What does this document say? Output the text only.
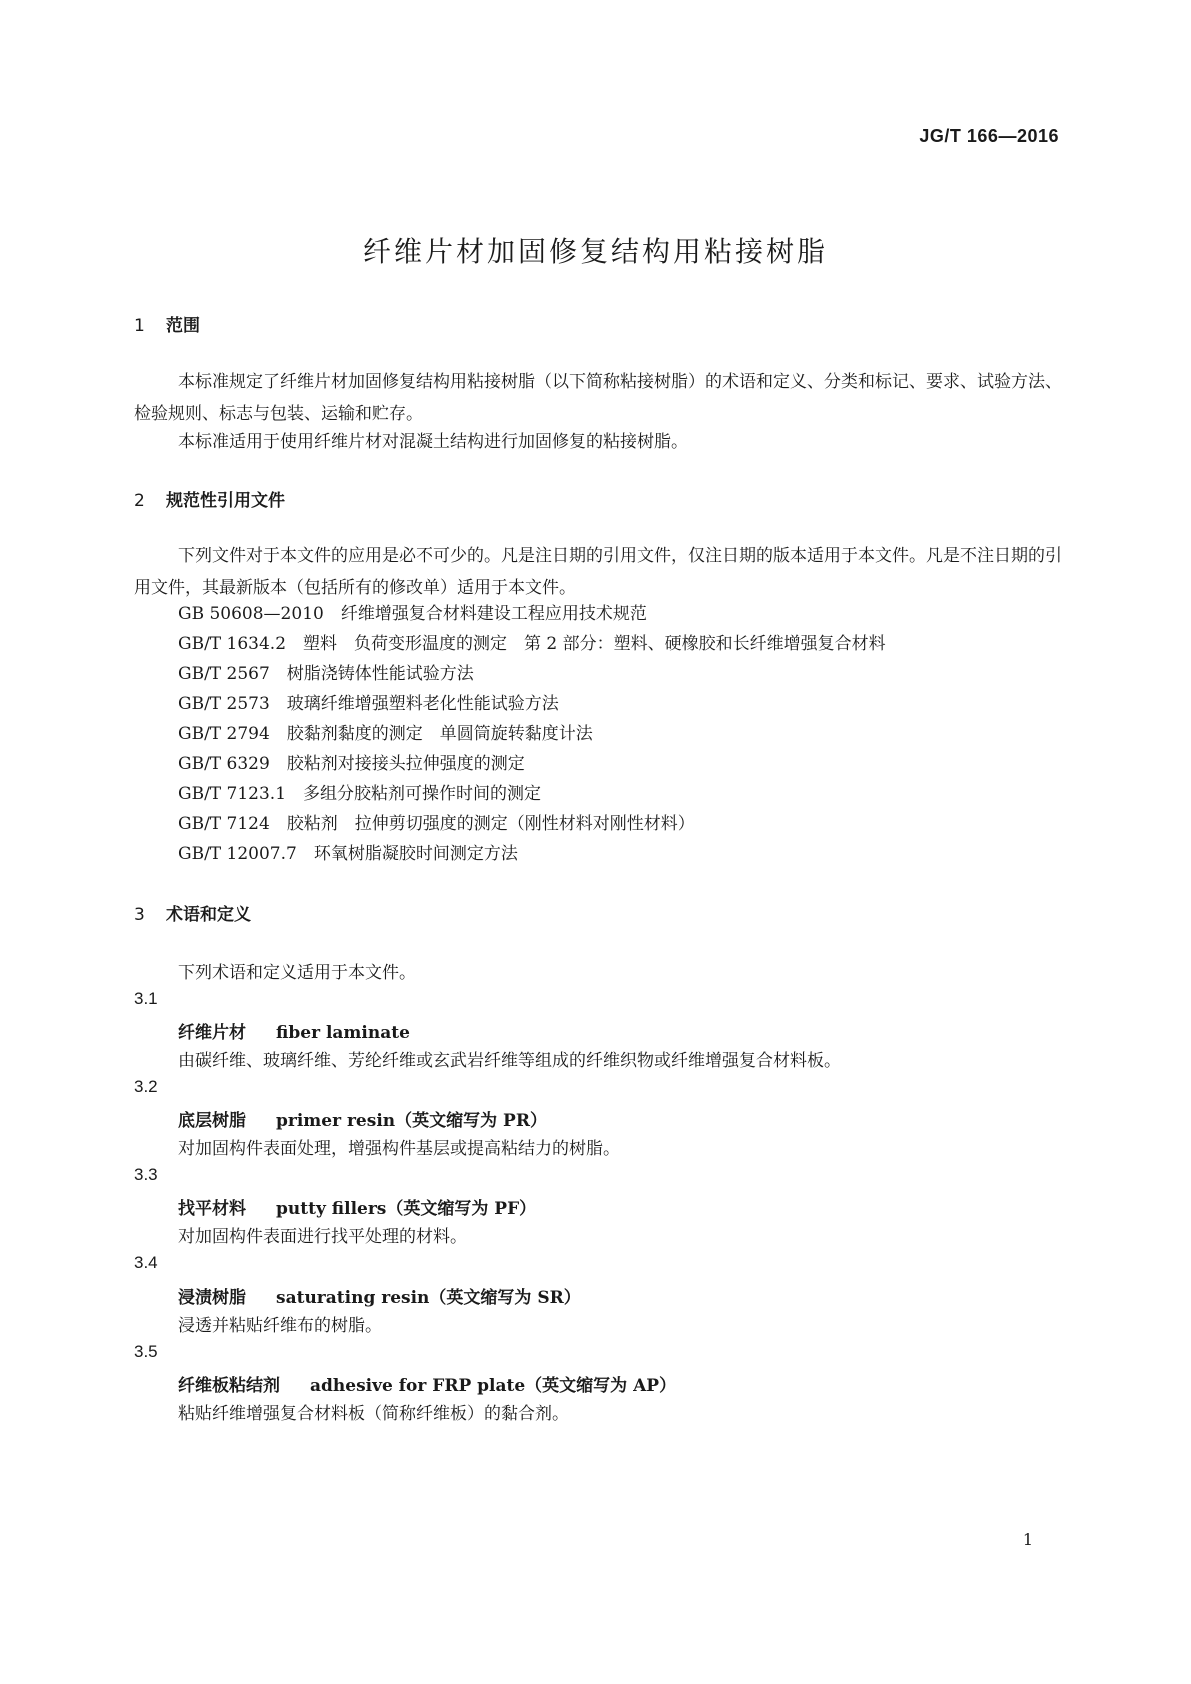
JG/T 166—2016
纤维片材加固修复结构用粘接树脂
1 范围
本标准规定了纤维片材加固修复结构用粘接树脂（以下简称粘接树脂）的术语和定义、分类和标记、要求、试验方法、检验规则、标志与包装、运输和贮存。
本标准适用于使用纤维片材对混凝土结构进行加固修复的粘接树脂。
2 规范性引用文件
下列文件对于本文件的应用是必不可少的。凡是注日期的引用文件，仅注日期的版本适用于本文件。凡是不注日期的引用文件，其最新版本（包括所有的修改单）适用于本文件。
GB 50608—2010　纤维增强复合材料建设工程应用技术规范
GB/T 1634.2　塑料　负荷变形温度的测定　第 2 部分：塑料、硬橡胶和长纤维增强复合材料
GB/T 2567　树脂浇铸体性能试验方法
GB/T 2573　玻璃纤维增强塑料老化性能试验方法
GB/T 2794　胶黏剂黏度的测定　单圆筒旋转黏度计法
GB/T 6329　胶粘剂对接接头拉伸强度的测定
GB/T 7123.1　多组分胶粘剂可操作时间的测定
GB/T 7124　胶粘剂　拉伸剪切强度的测定（刚性材料对刚性材料）
GB/T 12007.7　环氧树脂凝胶时间测定方法
3 术语和定义
下列术语和定义适用于本文件。
3.1
纤维片材 fiber laminate
由碳纤维、玻璃纤维、芳纶纤维或玄武岩纤维等组成的纤维织物或纤维增强复合材料板。
3.2
底层树脂 primer resin（英文缩写为 PR）
对加固构件表面处理，增强构件基层或提高粘结力的树脂。
3.3
找平材料 putty fillers（英文缩写为 PF）
对加固构件表面进行找平处理的材料。
3.4
浸渍树脂 saturating resin（英文缩写为 SR）
浸透并粘贴纤维布的树脂。
3.5
纤维板粘结剂 adhesive for FRP plate（英文缩写为 AP）
粘贴纤维增强复合材料板（简称纤维板）的黏合剂。
1
